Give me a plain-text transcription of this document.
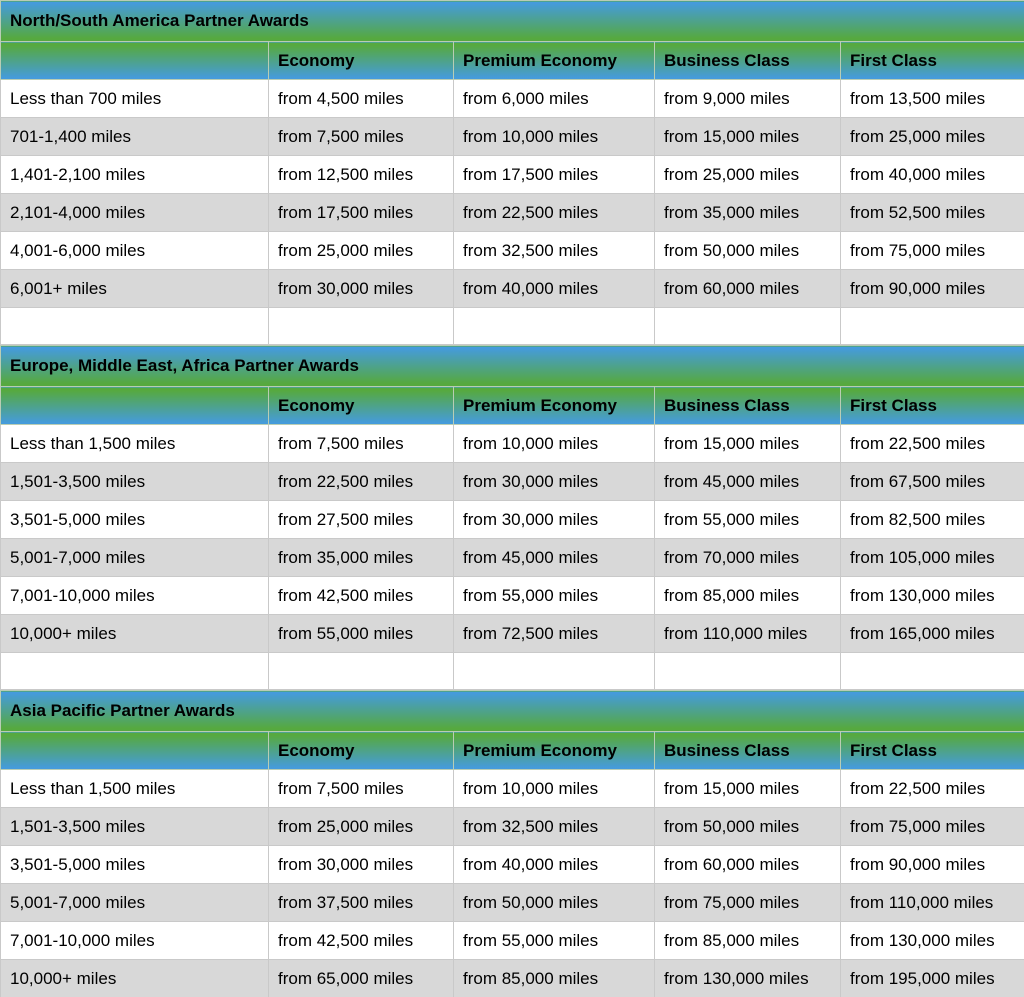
North/South America Partner Awards				
	Economy	Premium Economy	Business Class	First Class
Less than 700 miles	from 4,500 miles	from 6,000 miles	from 9,000 miles	from 13,500 miles
701-1,400 miles	from 7,500 miles	from 10,000 miles	from 15,000 miles	from 25,000 miles
1,401-2,100 miles	from 12,500 miles	from 17,500 miles	from 25,000 miles	from 40,000 miles
2,101-4,000 miles	from 17,500 miles	from 22,500 miles	from 35,000 miles	from 52,500 miles
4,001-6,000 miles	from 25,000 miles	from 32,500 miles	from 50,000 miles	from 75,000 miles
6,001+ miles	from 30,000 miles	from 40,000 miles	from 60,000 miles	from 90,000 miles

Europe, Middle East, Africa Partner Awards				
	Economy	Premium Economy	Business Class	First Class
Less than 1,500 miles	from 7,500 miles	from 10,000 miles	from 15,000 miles	from 22,500 miles
1,501-3,500 miles	from 22,500 miles	from 30,000 miles	from 45,000 miles	from 67,500 miles
3,501-5,000 miles	from 27,500 miles	from 30,000 miles	from 55,000 miles	from 82,500 miles
5,001-7,000 miles	from 35,000 miles	from 45,000 miles	from 70,000 miles	from 105,000 miles
7,001-10,000 miles	from 42,500 miles	from 55,000 miles	from 85,000 miles	from 130,000 miles
10,000+ miles	from 55,000 miles	from 72,500 miles	from 110,000 miles	from 165,000 miles

Asia Pacific Partner Awards				
	Economy	Premium Economy	Business Class	First Class
Less than 1,500 miles	from 7,500 miles	from 10,000 miles	from 15,000 miles	from 22,500 miles
1,501-3,500 miles	from 25,000 miles	from 32,500 miles	from 50,000 miles	from 75,000 miles
3,501-5,000 miles	from 30,000 miles	from 40,000 miles	from 60,000 miles	from 90,000 miles
5,001-7,000 miles	from 37,500 miles	from 50,000 miles	from 75,000 miles	from 110,000 miles
7,001-10,000 miles	from 42,500 miles	from 55,000 miles	from 85,000 miles	from 130,000 miles
10,000+ miles	from 65,000 miles	from 85,000 miles	from 130,000 miles	from 195,000 miles
